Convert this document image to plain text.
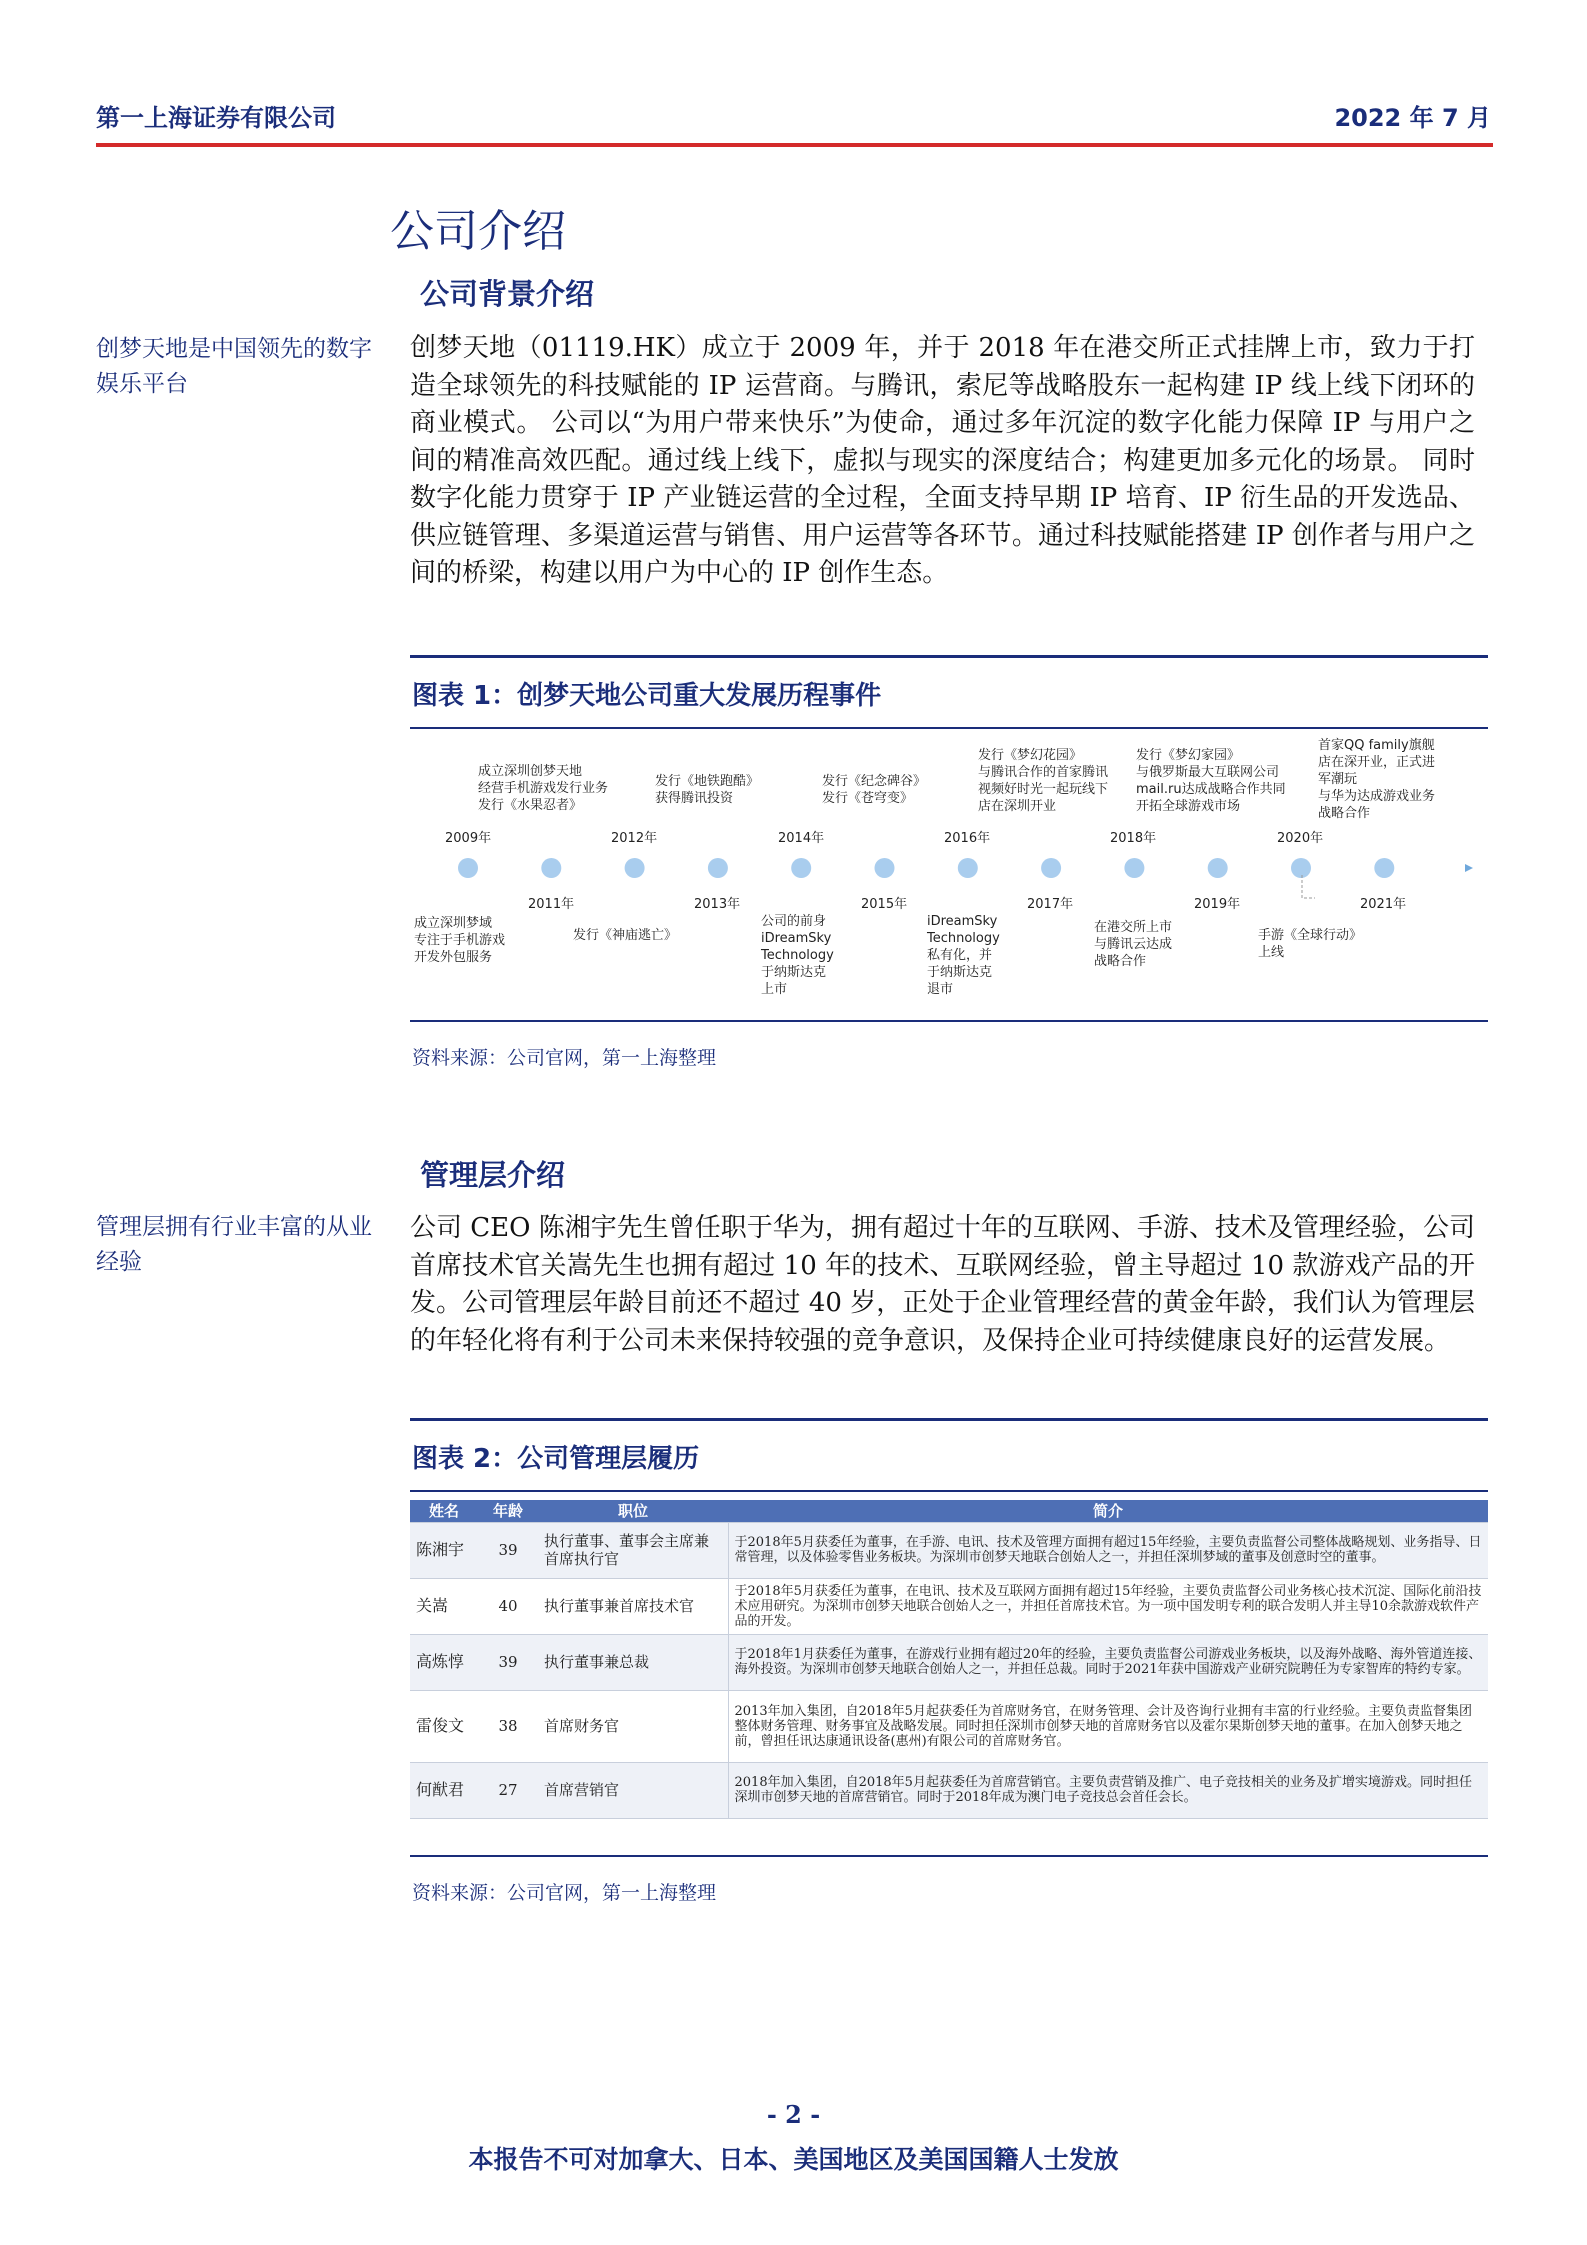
第一上海证券有限公司	2022 年 7 月
公司介绍
公司背景介绍
创梦天地是中国领先的数字娱乐平台
创梦天地（01119.HK）成立于 2009 年，并于 2018 年在港交所正式挂牌上市，致力于打造全球领先的科技赋能的 IP 运营商。与腾讯，索尼等战略股东一起构建 IP 线上线下闭环的商业模式。 公司以“为用户带来快乐”为使命，通过多年沉淀的数字化能力保障 IP 与用户之间的精准高效匹配。通过线上线下，虚拟与现实的深度结合；构建更加多元化的场景。 同时数字化能力贯穿于 IP 产业链运营的全过程，全面支持早期 IP 培育、IP 衍生品的开发选品、供应链管理、多渠道运营与销售、用户运营等各环节。通过科技赋能搭建 IP 创作者与用户之间的桥梁，构建以用户为中心的 IP 创作生态。
图表 1：创梦天地公司重大发展历程事件
2009年	2012年	2014年	2016年	2018年	2020年
2011年	2013年	2015年	2017年	2019年	2021年
成立深圳创梦天地
经营手机游戏发行业务
发行《水果忍者》
发行《地铁跑酷》
获得腾讯投资
发行《纪念碑谷》
发行《苍穹变》
发行《梦幻花园》
与腾讯合作的首家腾讯
视频好时光一起玩线下
店在深圳开业
发行《梦幻家园》
与俄罗斯最大互联网公司
mail.ru达成战略合作共同
开拓全球游戏市场
首家QQ family旗舰
店在深开业，正式进
军潮玩
与华为达成游戏业务
战略合作
成立深圳梦域
专注于手机游戏
开发外包服务
发行《神庙逃亡》
公司的前身
iDreamSky
Technology
于纳斯达克
上市
iDreamSky
Technology
私有化，并
于纳斯达克
退市
在港交所上市
与腾讯云达成
战略合作
手游《全球行动》
上线
资料来源：公司官网，第一上海整理
管理层介绍
管理层拥有行业丰富的从业经验
公司 CEO 陈湘宇先生曾任职于华为，拥有超过十年的互联网、手游、技术及管理经验，公司首席技术官关嵩先生也拥有超过 10 年的技术、互联网经验，曾主导超过 10 款游戏产品的开发。公司管理层年龄目前还不超过 40 岁，正处于企业管理经营的黄金年龄，我们认为管理层的年轻化将有利于公司未来保持较强的竞争意识，及保持企业可持续健康良好的运营发展。
图表 2：公司管理层履历
姓名	年龄	职位	简介
陈湘宇	39	执行董事、董事会主席兼首席执行官	于2018年5月获委任为董事，在手游、电讯、技术及管理方面拥有超过15年经验，主要负责监督公司整体战略规划、业务指导、日常管理，以及体验零售业务板块。为深圳市创梦天地联合创始人之一，并担任深圳梦域的董事及创意时空的董事。
关嵩	40	执行董事兼首席技术官	于2018年5月获委任为董事，在电讯、技术及互联网方面拥有超过15年经验，主要负责监督公司业务核心技术沉淀、国际化前沿技术应用研究。为深圳市创梦天地联合创始人之一，并担任首席技术官。为一项中国发明专利的联合发明人并主导10余款游戏软件产品的开发。
高炼惇	39	执行董事兼总裁	于2018年1月获委任为董事，在游戏行业拥有超过20年的经验，主要负责监督公司游戏业务板块，以及海外战略、海外管道连接、海外投资。为深圳市创梦天地联合创始人之一，并担任总裁。同时于2021年获中国游戏产业研究院聘任为专家智库的特约专家。
雷俊文	38	首席财务官	2013年加入集团，自2018年5月起获委任为首席财务官，在财务管理、会计及咨询行业拥有丰富的行业经验。主要负责监督集团整体财务管理、财务事宜及战略发展。同时担任深圳市创梦天地的首席财务官以及霍尔果斯创梦天地的董事。在加入创梦天地之前，曾担任讯达康通讯设备(惠州)有限公司的首席财务官。
何猷君	27	首席营销官	2018年加入集团，自2018年5月起获委任为首席营销官。主要负责营销及推广、电子竞技相关的业务及扩增实境游戏。同时担任深圳市创梦天地的首席营销官。同时于2018年成为澳门电子竞技总会首任会长。
资料来源：公司官网，第一上海整理
- 2 -
本报告不可对加拿大、日本、美国地区及美国国籍人士发放
